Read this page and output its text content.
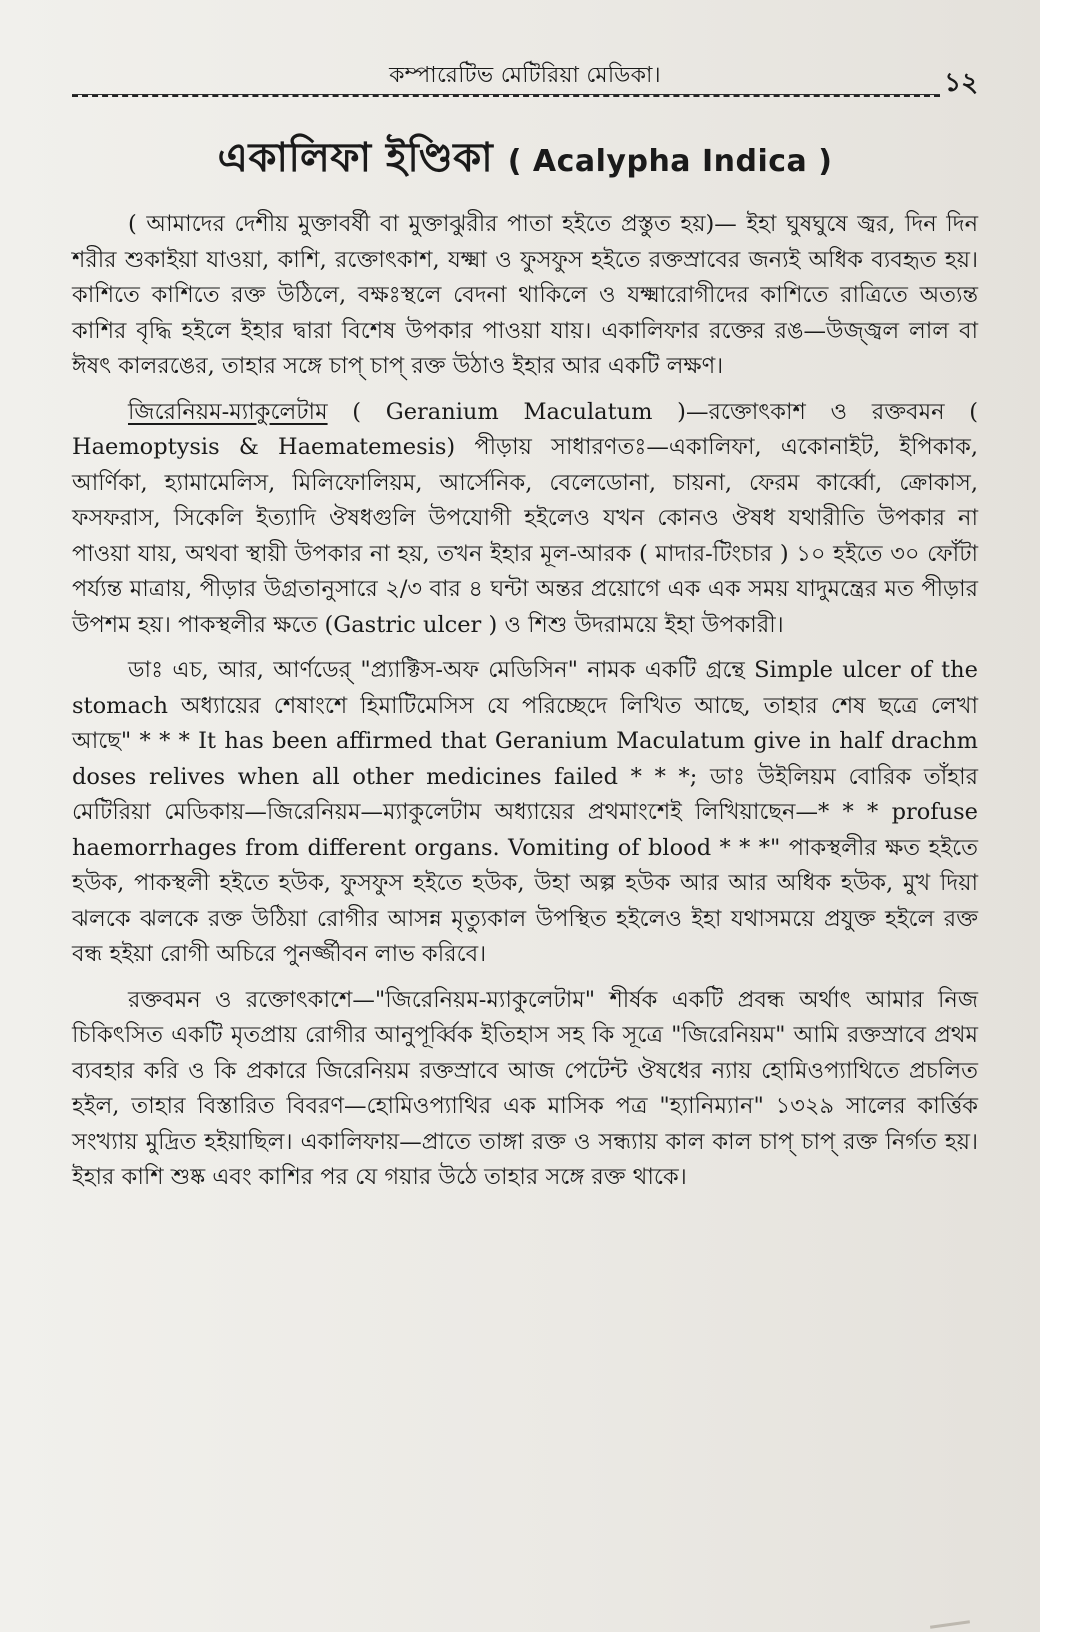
কম্পারেটিভ মেটিরিয়া মেডিকা।	১২
একালিফা ইণ্ডিকা ( Acalypha Indica )

( আমাদের দেশীয় মুক্তাবর্ষী বা মুক্তাঝুরীর পাতা হইতে প্রস্তুত হয়)— ইহা ঘুষঘুষে জ্বর, দিন দিন শরীর শুকাইয়া যাওয়া, কাশি, রক্তোৎকাশ, যক্ষ্মা ও ফুসফুস হইতে রক্তস্রাবের জন্যই অধিক ব্যবহৃত হয়। কাশিতে কাশিতে রক্ত উঠিলে, বক্ষঃস্থলে বেদনা থাকিলে ও যক্ষ্মারোগীদের কাশিতে রাত্রিতে অত্যন্ত কাশির বৃদ্ধি হইলে ইহার দ্বারা বিশেষ উপকার পাওয়া যায়। একালিফার রক্তের রঙ—উজ্জ্বল লাল বা ঈষৎ কালরঙের, তাহার সঙ্গে চাপ্ চাপ্ রক্ত উঠাও ইহার আর একটি লক্ষণ।

জিরেনিয়ম-ম্যাকুলেটাম ( Geranium Maculatum )—রক্তোৎকাশ ও রক্তবমন ( Haemoptysis & Haematemesis) পীড়ায় সাধারণতঃ—একালিফা, একোনাইট, ইপিকাক, আর্ণিকা, হ্যামামেলিস, মিলিফোলিয়ম, আর্সেনিক, বেলেডোনা, চায়না, ফেরম কার্ব্বো, ক্রোকাস, ফসফরাস, সিকেলি ইত্যাদি ঔষধগুলি উপযোগী হইলেও যখন কোনও ঔষধ যথারীতি উপকার না পাওয়া যায়, অথবা স্থায়ী উপকার না হয়, তখন ইহার মূল-আরক ( মাদার-টিংচার ) ১০ হইতে ৩০ ফোঁটা পর্য্যন্ত মাত্রায়, পীড়ার উগ্রতানুসারে ২/৩ বার ৪ ঘন্টা অন্তর প্রয়োগে এক এক সময় যাদুমন্ত্রের মত পীড়ার উপশম হয়। পাকস্থলীর ক্ষতে (Gastric ulcer ) ও শিশু উদরাময়ে ইহা উপকারী।

ডাঃ এচ, আর, আর্ণডের্ "প্র্যাক্টিস-অফ মেডিসিন" নামক একটি গ্রন্থে Simple ulcer of the stomach অধ্যায়ের শেষাংশে হিমাটিমেসিস যে পরিচ্ছেদে লিখিত আছে, তাহার শেষ ছত্রে লেখা আছে" * * * It has been affirmed that Geranium Maculatum give in half drachm doses relives when all other medicines failed * * *; ডাঃ উইলিয়ম বোরিক তাঁহার মেটিরিয়া মেডিকায়—জিরেনিয়ম—ম্যাকুলেটাম অধ্যায়ের প্রথমাংশেই লিখিয়াছেন—* * * profuse haemorrhages from different organs. Vomiting of blood * * *" পাকস্থলীর ক্ষত হইতে হউক, পাকস্থলী হইতে হউক, ফুসফুস হইতে হউক, উহা অল্প হউক আর আর অধিক হউক, মুখ দিয়া ঝলকে ঝলকে রক্ত উঠিয়া রোগীর আসন্ন মৃত্যুকাল উপস্থিত হইলেও ইহা যথাসময়ে প্রযুক্ত হইলে রক্ত বন্ধ হইয়া রোগী অচিরে পুনর্জ্জীবন লাভ করিবে।

রক্তবমন ও রক্তোৎকাশে—"জিরেনিয়ম-ম্যাকুলেটাম" শীর্ষক একটি প্রবন্ধ অর্থাৎ আমার নিজ চিকিৎসিত একটি মৃতপ্রায় রোগীর আনুপূর্ব্বিক ইতিহাস সহ কি সূত্রে "জিরেনিয়ম" আমি রক্তস্রাবে প্রথম ব্যবহার করি ও কি প্রকারে জিরেনিয়ম রক্তস্রাবে আজ পেটেন্ট ঔষধের ন্যায় হোমিওপ্যাথিতে প্রচলিত হইল, তাহার বিস্তারিত বিবরণ—হোমিওপ্যাথির এক মাসিক পত্র "হ্যানিম্যান" ১৩২৯ সালের কার্ত্তিক সংখ্যায় মুদ্রিত হইয়াছিল। একালিফায়—প্রাতে তাঙ্গা রক্ত ও সন্ধ্যায় কাল কাল চাপ্ চাপ্ রক্ত নির্গত হয়। ইহার কাশি শুষ্ক এবং কাশির পর যে গয়ার উঠে তাহার সঙ্গে রক্ত থাকে।
